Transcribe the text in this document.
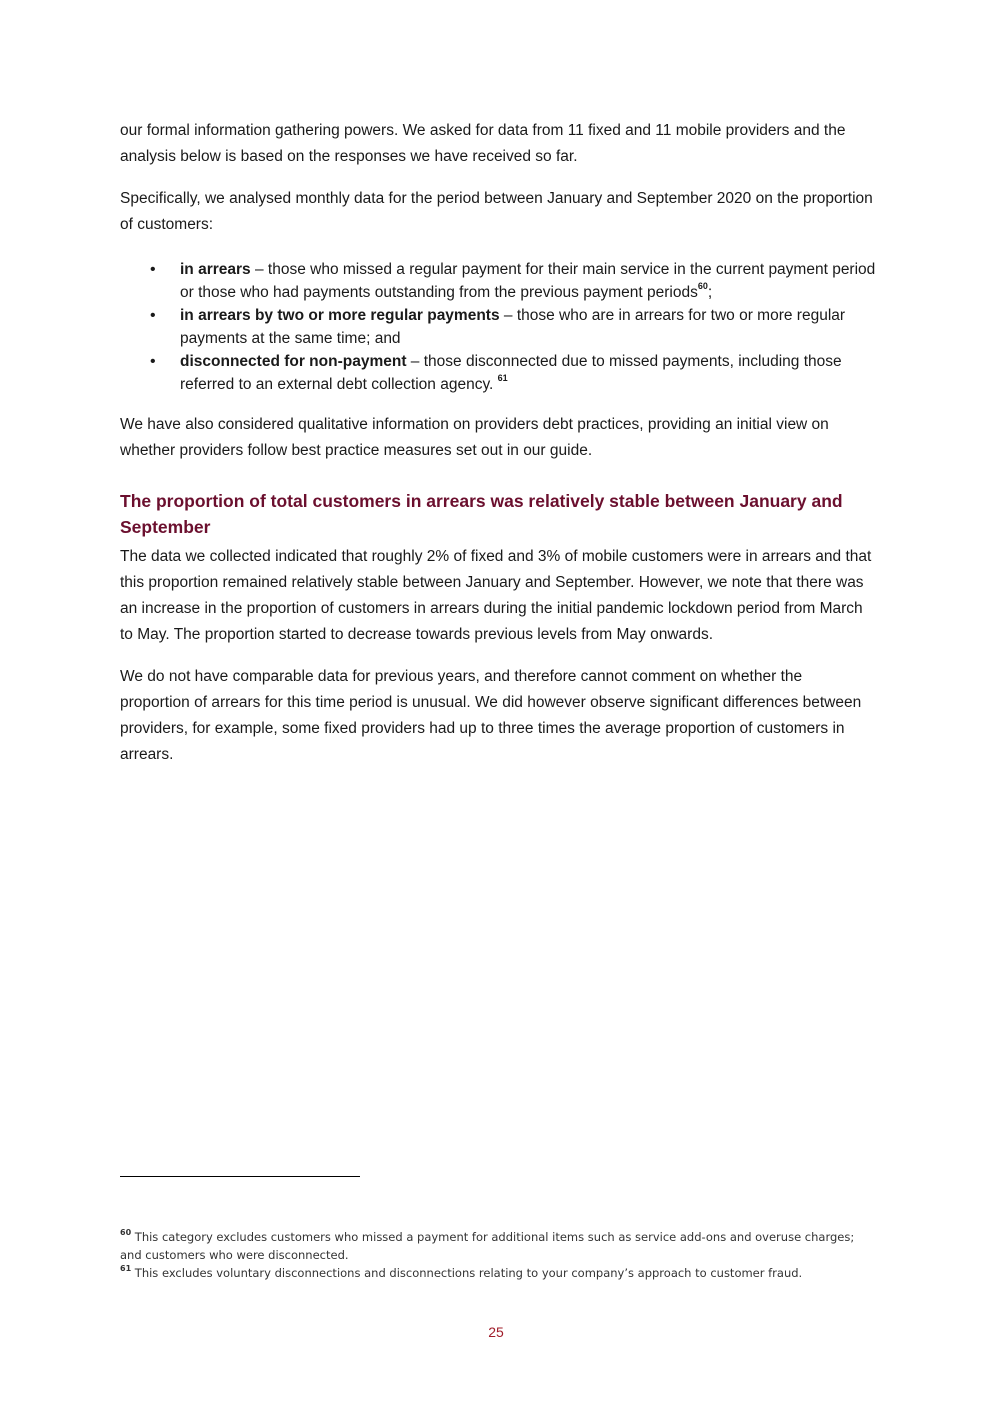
our formal information gathering powers. We asked for data from 11 fixed and 11 mobile providers and the analysis below is based on the responses we have received so far.

Specifically, we analysed monthly data for the period between January and September 2020 on the proportion of customers:

• in arrears – those who missed a regular payment for their main service in the current payment period or those who had payments outstanding from the previous payment periods$^{60}$;
• in arrears by two or more regular payments – those who are in arrears for two or more regular payments at the same time; and
• disconnected for non-payment – those disconnected due to missed payments, including those referred to an external debt collection agency. $^{61}$

We have also considered qualitative information on providers debt practices, providing an initial view on whether providers follow best practice measures set out in our guide.

The proportion of total customers in arrears was relatively stable between January and September

The data we collected indicated that roughly 2% of fixed and 3% of mobile customers were in arrears and that this proportion remained relatively stable between January and September. However, we note that there was an increase in the proportion of customers in arrears during the initial pandemic lockdown period from March to May. The proportion started to decrease towards previous levels from May onwards.

We do not have comparable data for previous years, and therefore cannot comment on whether the proportion of arrears for this time period is unusual. We did however observe significant differences between providers, for example, some fixed providers had up to three times the average proportion of customers in arrears.

$^{60}$ This category excludes customers who missed a payment for additional items such as service add-ons and overuse charges; and customers who were disconnected.

$^{61}$ This excludes voluntary disconnections and disconnections relating to your company’s approach to customer fraud.

25
